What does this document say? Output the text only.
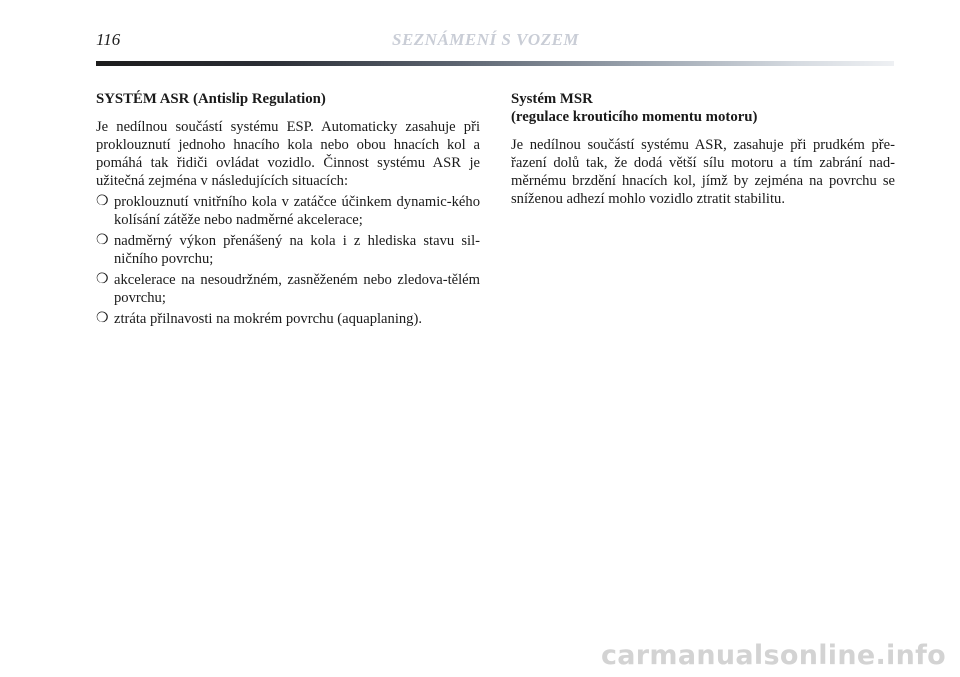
116	SEZNÁMENÍ S VOZEM
SYSTÉM ASR (Antislip Regulation)

Je nedílnou součástí systému ESP. Automaticky zasahuje při proklouznutí jednoho hnacího kola nebo obou hnacích kol a pomáhá tak řidiči ovládat vozidlo. Činnost systému ASR je užitečná zejména v následujících situacích:

❍ proklouznutí vnitřního kola v zatáčce účinkem dynamic-kého kolísání zátěže nebo nadměrné akcelerace;
❍ nadměrný výkon přenášený na kola i z hlediska stavu sil-ničního povrchu;
❍ akcelerace na nesoudržném, zasněženém nebo zledova-tělém povrchu;
❍ ztráta přilnavosti na mokrém povrchu (aquaplaning).
Systém MSR
(regulace krouticího momentu motoru)

Je nedílnou součástí systému ASR, zasahuje při prudkém pře-řazení dolů tak, že dodá větší sílu motoru a tím zabrání nad-měrnému brzdění hnacích kol, jímž by zejména na povrchu se sníženou adhezí mohlo vozidlo ztratit stabilitu.

carmanualsonline.info
